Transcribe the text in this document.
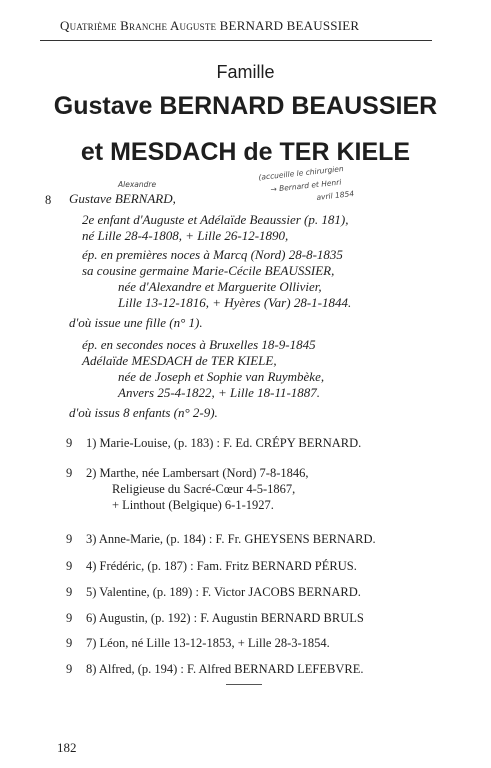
Quatrième Branche Auguste BERNARD BEAUSSIER
Famille
Gustave BERNARD BEAUSSIER
et MESDACH de TER KIELE
8
Alexandre
Gustave BERNARD,
(accueille le chirurgien
→ Bernard et Henri
avril 1854
2e enfant d'Auguste et Adélaïde Beaussier (p. 181),
né Lille 28-4-1808, + Lille 26-12-1890,
ép. en premières noces à Marcq (Nord) 28-8-1835
sa cousine germaine Marie-Cécile BEAUSSIER,
née d'Alexandre et Marguerite Ollivier,
Lille 13-12-1816, + Hyères (Var) 28-1-1844.
d'où issue une fille (n° 1).
ép. en secondes noces à Bruxelles 18-9-1845
Adélaïde MESDACH de TER KIELE,
née de Joseph et Sophie van Ruymbèke,
Anvers 25-4-1822, + Lille 18-11-1887.
d'où issus 8 enfants (n° 2-9).
9 1) Marie-Louise, (p. 183) : F. Ed. CRÉPY BERNARD.
9 2) Marthe, née Lambersart (Nord) 7-8-1846,
Religieuse du Sacré-Cœur 4-5-1867,
+ Linthout (Belgique) 6-1-1927.
9 3) Anne-Marie, (p. 184) : F. Fr. GHEYSENS BERNARD.
9 4) Frédéric, (p. 187) : Fam. Fritz BERNARD PÉRUS.
9 5) Valentine, (p. 189) : F. Victor JACOBS BERNARD.
9 6) Augustin, (p. 192) : F. Augustin BERNARD BRULS
9 7) Léon, né Lille 13-12-1853, + Lille 28-3-1854.
9 8) Alfred, (p. 194) : F. Alfred BERNARD LEFEBVRE.
182
